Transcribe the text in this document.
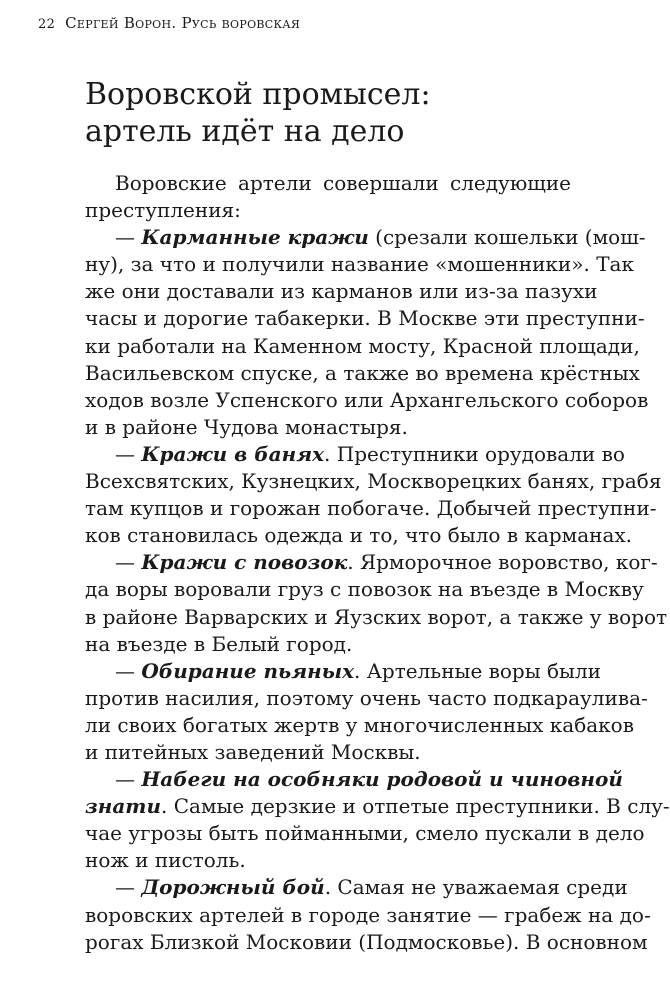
22 Сергей Ворон. Русь воровская
Воровской промысел:
артель идёт на дело
Воровские артели совершали следующие
преступления:
— Карманные кражи (срезали кошельки (мош-
ну), за что и получили название «мошенники». Так
же они доставали из карманов или из-за пазухи
часы и дорогие табакерки. В Москве эти преступни-
ки работали на Каменном мосту, Красной площади,
Васильевском спуске, а также во времена крёстных
ходов возле Успенского или Архангельского соборов
и в районе Чудова монастыря.
— Кражи в банях. Преступники орудовали во
Всехсвятских, Кузнецких, Москворецких банях, грабя
там купцов и горожан побогаче. Добычей преступни-
ков становилась одежда и то, что было в карманах.
— Кражи с повозок. Ярморочное воровство, ког-
да воры воровали груз с повозок на въезде в Москву
в районе Варварских и Яузских ворот, а также у ворот
на въезде в Белый город.
— Обирание пьяных. Артельные воры были
против насилия, поэтому очень часто подкараулива-
ли своих богатых жертв у многочисленных кабаков
и питейных заведений Москвы.
— Набеги на особняки родовой и чиновной
знати. Самые дерзкие и отпетые преступники. В слу-
чае угрозы быть пойманными, смело пускали в дело
нож и пистоль.
— Дорожный бой. Самая не уважаемая среди
воровских артелей в городе занятие — грабеж на до-
рогах Близкой Московии (Подмосковье). В основном
